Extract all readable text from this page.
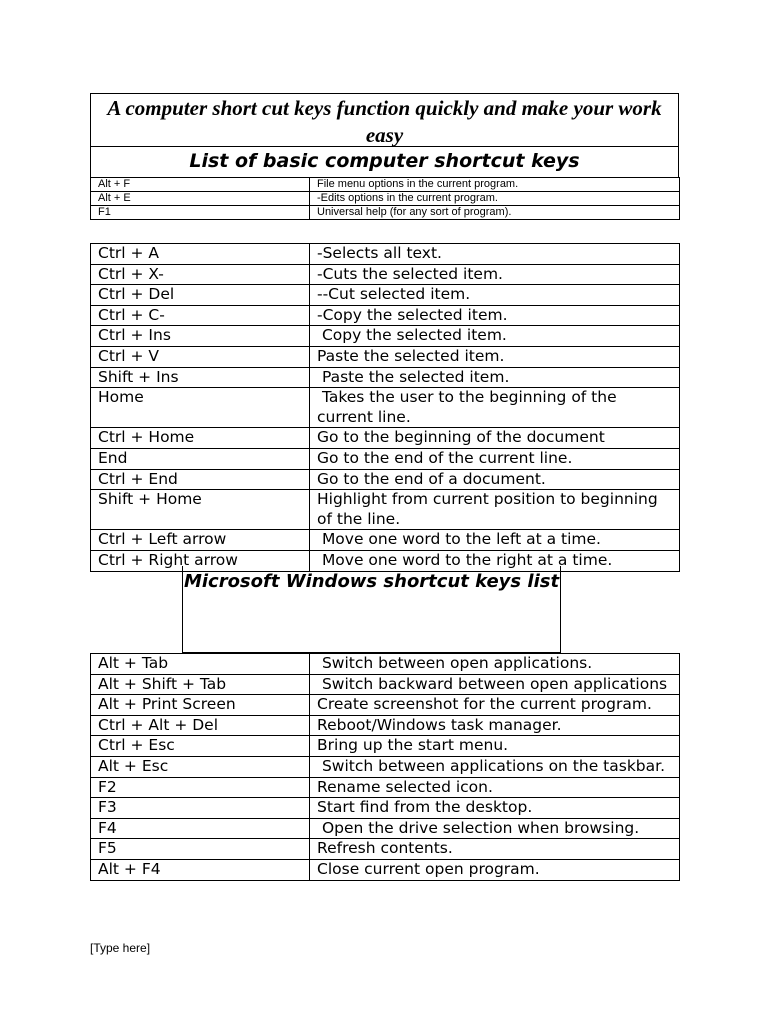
A computer short cut keys function quickly and make your work easy
List of basic computer shortcut keys
Alt + F	File menu options in the current program.
Alt + E	-Edits options in the current program.
F1	Universal help (for any sort of program).
Ctrl + A	-Selects all text.
Ctrl + X-	-Cuts the selected item.
Ctrl + Del	--Cut selected item.
Ctrl + C-	-Copy the selected item.
Ctrl + Ins	Copy the selected item.
Ctrl + V	Paste the selected item.
Shift + Ins	Paste the selected item.
Home	Takes the user to the beginning of the current line.
Ctrl + Home	Go to the beginning of the document
End	Go to the end of the current line.
Ctrl + End	Go to the end of a document.
Shift + Home	Highlight from current position to beginning of the line.
Ctrl + Left arrow	Move one word to the left at a time.
Ctrl + Right arrow	Move one word to the right at a time.
Microsoft Windows shortcut keys list
Alt + Tab	Switch between open applications.
Alt + Shift + Tab	Switch backward between open applications
Alt + Print Screen	Create screenshot for the current program.
Ctrl + Alt + Del	Reboot/Windows task manager.
Ctrl + Esc	Bring up the start menu.
Alt + Esc	Switch between applications on the taskbar.
F2	Rename selected icon.
F3	Start find from the desktop.
F4	Open the drive selection when browsing.
F5	Refresh contents.
Alt + F4	Close current open program.
[Type here]
